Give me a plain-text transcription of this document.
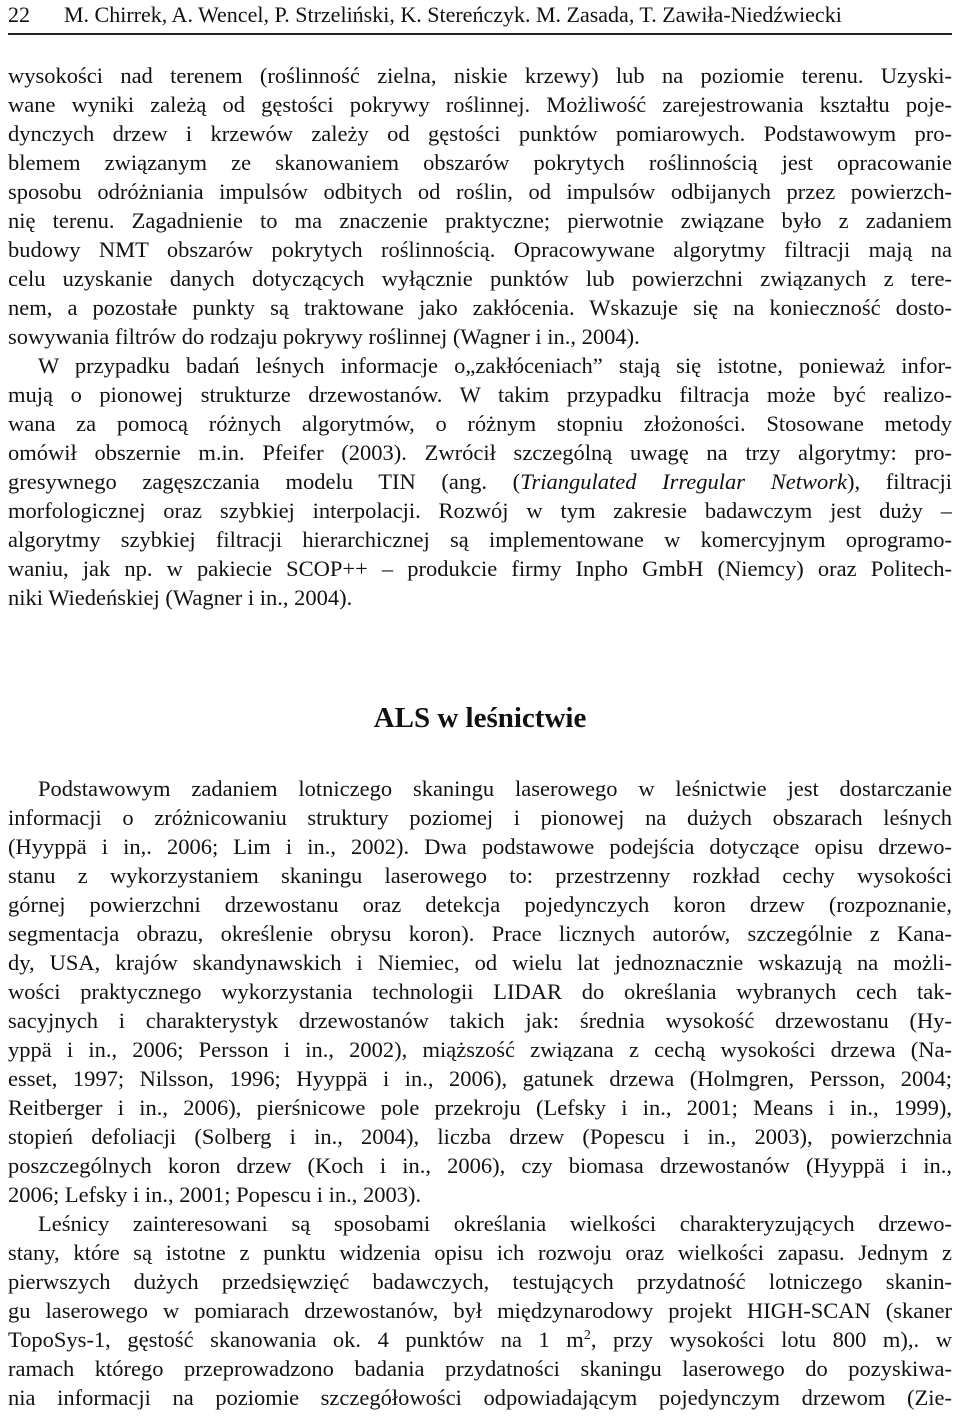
22 M. Chirrek, A. Wencel, P. Strzeliński, K. Stereńczyk. M. Zasada, T. Zawiła-Niedźwiecki
wysokości nad terenem (roślinność zielna, niskie krzewy) lub na poziomie terenu. Uzyski-
wane wyniki zależą od gęstości pokrywy roślinnej. Możliwość zarejestrowania kształtu poje-
dynczych drzew i krzewów zależy od gęstości punktów pomiarowych. Podstawowym pro-
blemem związanym ze skanowaniem obszarów pokrytych roślinnością jest opracowanie
sposobu odróżniania impulsów odbitych od roślin, od impulsów odbijanych przez powierzch-
nię terenu. Zagadnienie to ma znaczenie praktyczne; pierwotnie związane było z zadaniem
budowy NMT obszarów pokrytych roślinnością. Opracowywane algorytmy filtracji mają na
celu uzyskanie danych dotyczących wyłącznie punktów lub powierzchni związanych z tere-
nem, a pozostałe punkty są traktowane jako zakłócenia. Wskazuje się na konieczność dosto-
sowywania filtrów do rodzaju pokrywy roślinnej (Wagner i in., 2004).
W przypadku badań leśnych informacje o„zakłóceniach” stają się istotne, ponieważ infor-
mują o pionowej strukturze drzewostanów. W takim przypadku filtracja może być realizo-
wana za pomocą różnych algorytmów, o różnym stopniu złożoności. Stosowane metody
omówił obszernie m.in. Pfeifer (2003). Zwrócił szczególną uwagę na trzy algorytmy: pro-
gresywnego zagęszczania modelu TIN (ang. (Triangulated Irregular Network), filtracji
morfologicznej oraz szybkiej interpolacji. Rozwój w tym zakresie badawczym jest duży –
algorytmy szybkiej filtracji hierarchicznej są implementowane w komercyjnym oprogramo-
waniu, jak np. w pakiecie SCOP++ – produkcie firmy Inpho GmbH (Niemcy) oraz Politech-
niki Wiedeńskiej (Wagner i in., 2004).
ALS w leśnictwie
Podstawowym zadaniem lotniczego skaningu laserowego w leśnictwie jest dostarczanie
informacji o zróżnicowaniu struktury poziomej i pionowej na dużych obszarach leśnych
(Hyyppä i in,. 2006; Lim i in., 2002). Dwa podstawowe podejścia dotyczące opisu drzewo-
stanu z wykorzystaniem skaningu laserowego to: przestrzenny rozkład cechy wysokości
górnej powierzchni drzewostanu oraz detekcja pojedynczych koron drzew (rozpoznanie,
segmentacja obrazu, określenie obrysu koron). Prace licznych autorów, szczególnie z Kana-
dy, USA, krajów skandynawskich i Niemiec, od wielu lat jednoznacznie wskazują na możli-
wości praktycznego wykorzystania technologii LIDAR do określania wybranych cech tak-
sacyjnych i charakterystyk drzewostanów takich jak: średnia wysokość drzewostanu (Hy-
yppä i in., 2006; Persson i in., 2002), miąższość związana z cechą wysokości drzewa (Na-
esset, 1997; Nilsson, 1996; Hyyppä i in., 2006), gatunek drzewa (Holmgren, Persson, 2004;
Reitberger i in., 2006), pierśnicowe pole przekroju (Lefsky i in., 2001; Means i in., 1999),
stopień defoliacji (Solberg i in., 2004), liczba drzew (Popescu i in., 2003), powierzchnia
poszczególnych koron drzew (Koch i in., 2006), czy biomasa drzewostanów (Hyyppä i in.,
2006; Lefsky i in., 2001; Popescu i in., 2003).
Leśnicy zainteresowani są sposobami określania wielkości charakteryzujących drzewo-
stany, które są istotne z punktu widzenia opisu ich rozwoju oraz wielkości zapasu. Jednym z
pierwszych dużych przedsięwzięć badawczych, testujących przydatność lotniczego skanin-
gu laserowego w pomiarach drzewostanów, był międzynarodowy projekt HIGH-SCAN (skaner
TopoSys-1, gęstość skanowania ok. 4 punktów na 1 $m^2$, przy wysokości lotu 800 m),. w
ramach którego przeprowadzono badania przydatności skaningu laserowego do pozyskiwa-
nia informacji na poziomie szczegółowości odpowiadającym pojedynczym drzewom (Zie-
